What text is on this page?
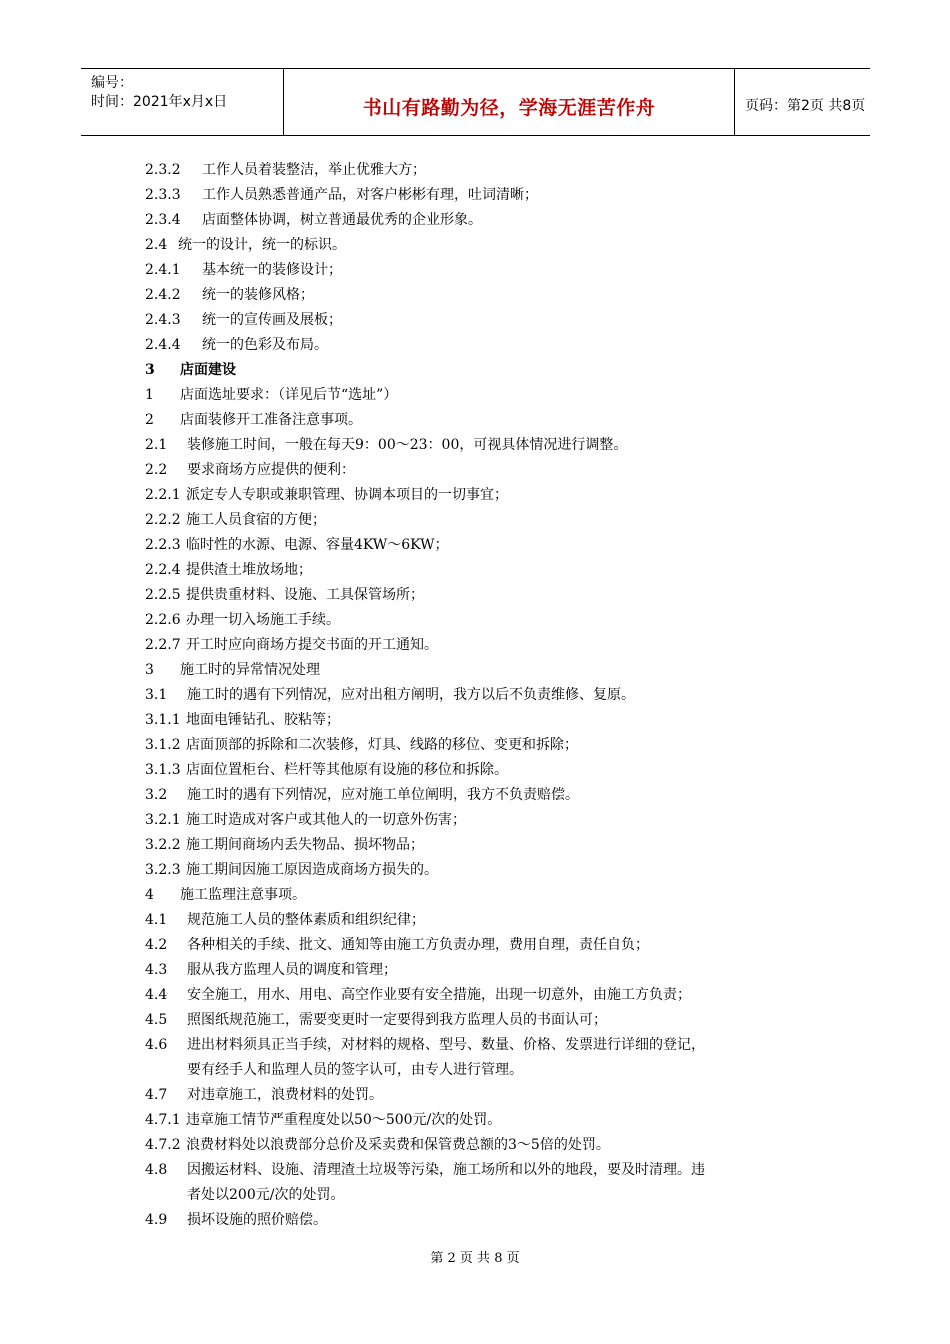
编号：
时间：2021年x月x日	书山有路勤为径，学海无涯苦作舟	页码：第2页 共8页
2.3.2 工作人员着装整洁，举止优雅大方；
2.3.3 工作人员熟悉普通产品，对客户彬彬有理，吐词清晰；
2.3.4 店面整体协调，树立普通最优秀的企业形象。
2.4 统一的设计，统一的标识。
2.4.1 基本统一的装修设计；
2.4.2 统一的装修风格；
2.4.3 统一的宣传画及展板；
2.4.4 统一的色彩及布局。
3 店面建设
1 店面选址要求：（详见后节“选址”）
2 店面装修开工准备注意事项。
2.1 装修施工时间，一般在每天9：00～23：00，可视具体情况进行调整。
2.2 要求商场方应提供的便利：
2.2.1 派定专人专职或兼职管理、协调本项目的一切事宜；
2.2.2 施工人员食宿的方便；
2.2.3 临时性的水源、电源、容量4KW～6KW；
2.2.4 提供渣土堆放场地；
2.2.5 提供贵重材料、设施、工具保管场所；
2.2.6 办理一切入场施工手续。
2.2.7 开工时应向商场方提交书面的开工通知。
3 施工时的异常情况处理
3.1 施工时的遇有下列情况，应对出租方阐明，我方以后不负责维修、复原。
3.1.1 地面电锤钻孔、胶粘等；
3.1.2 店面顶部的拆除和二次装修，灯具、线路的移位、变更和拆除；
3.1.3 店面位置柜台、栏杆等其他原有设施的移位和拆除。
3.2 施工时的遇有下列情况，应对施工单位阐明，我方不负责赔偿。
3.2.1 施工时造成对客户或其他人的一切意外伤害；
3.2.2 施工期间商场内丢失物品、损坏物品；
3.2.3 施工期间因施工原因造成商场方损失的。
4 施工监理注意事项。
4.1 规范施工人员的整体素质和组织纪律；
4.2 各种相关的手续、批文、通知等由施工方负责办理，费用自理，责任自负；
4.3 服从我方监理人员的调度和管理；
4.4 安全施工，用水、用电、高空作业要有安全措施，出现一切意外，由施工方负责；
4.5 照图纸规范施工，需要变更时一定要得到我方监理人员的书面认可；
4.6 进出材料须具正当手续，对材料的规格、型号、数量、价格、发票进行详细的登记，
要有经手人和监理人员的签字认可，由专人进行管理。
4.7 对违章施工，浪费材料的处罚。
4.7.1 违章施工情节严重程度处以50～500元/次的处罚。
4.7.2 浪费材料处以浪费部分总价及采卖费和保管费总额的3～5倍的处罚。
4.8 因搬运材料、设施、清理渣土垃圾等污染，施工场所和以外的地段，要及时清理。违
者处以200元/次的处罚。
4.9 损坏设施的照价赔偿。
第 2 页 共 8 页
